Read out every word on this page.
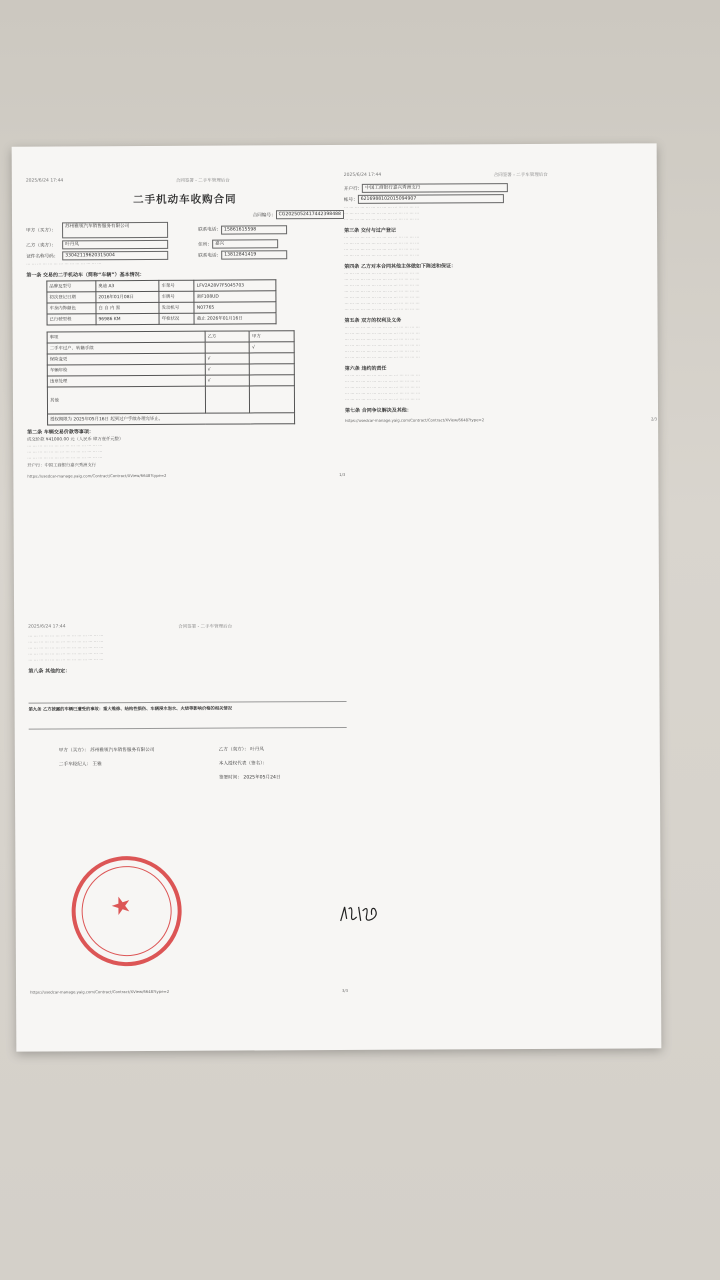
2025/6/24 17:44	合同签署 - 二手车管理后台
二手机动车收购合同
合同编号： CG2025052417442398488
甲方（买方）：
苏州雅领汽车销售服务有限公司
联系电话： 15861615598
乙方（卖方）：	叶丹凤	住所： 嘉兴
证件名称号码：	33042119620315004	联系电话： 13812841419
··· ··· ··· ··· ··· ··· ··· ··· ··· ··· ··· ··· ··· ···
第一条 交易的二手机动车（简称“车辆”）基本情况：
品牌及型号	奥迪 A3	车架号	LFV2A28V7F5045703
初次登记日期	2016年01月08日	车牌号	浙F108UD
车身内饰颜色	白 自 内 黑	发动机号	N07765
已行驶里程	96986 KM	年检状况	截止 2026年01月16日
事项	乙方	甲方
二手车过户、转籍手续		√
保险变更	√	
车辆年检	√	
违章处理	√	
其他		
授权期限为 2025年05月16日 起到过户手续办理完毕止。		
第二条 车辆交易价款等事项：
成交价款 ¥41000.00 元（人民币 肆万壹仟元整）
··· ··· ··· ··· ··· ··· ··· ··· ··· ··· ··· ··· ··· ···
··· ··· ··· ··· ··· ··· ··· ··· ··· ··· ··· ··· ··· ···
··· ··· ··· ··· ··· ··· ··· ··· ··· ··· ··· ··· ··· ···
开户行：中国工商银行嘉兴秀洲支行
https://usedcar-manage.yaig.com/Contract/Contract/XView/6648?type=2	1/3
2025/6/24 17:44	合同签署 - 二手车管理后台
开户行： 中国工商银行嘉兴秀洲支行
帐号： 6216988102015094907
··· ··· ··· ··· ··· ··· ··· ··· ··· ··· ··· ··· ··· ···
··· ··· ··· ··· ··· ··· ··· ··· ··· ··· ··· ··· ··· ···
··· ··· ··· ··· ··· ··· ··· ··· ··· ··· ··· ··· ··· ···
第三条 交付与过户登记
··· ··· ··· ··· ··· ··· ··· ··· ··· ··· ··· ··· ··· ···
··· ··· ··· ··· ··· ··· ··· ··· ··· ··· ··· ··· ··· ···
··· ··· ··· ··· ··· ··· ··· ··· ··· ··· ··· ··· ··· ···
··· ··· ··· ··· ··· ··· ··· ··· ··· ··· ··· ··· ··· ···
第四条 乙方对本合同其他主体做如下陈述和保证：
··· ··· ··· ··· ··· ··· ··· ··· ··· ··· ··· ··· ··· ···
··· ··· ··· ··· ··· ··· ··· ··· ··· ··· ··· ··· ··· ···
··· ··· ··· ··· ··· ··· ··· ··· ··· ··· ··· ··· ··· ···
··· ··· ··· ··· ··· ··· ··· ··· ··· ··· ··· ··· ··· ···
··· ··· ··· ··· ··· ··· ··· ··· ··· ··· ··· ··· ··· ···
··· ··· ··· ··· ··· ··· ··· ··· ··· ··· ··· ··· ··· ···
··· ··· ··· ··· ··· ··· ··· ··· ··· ··· ··· ··· ··· ···
第五条 双方的权利及义务
··· ··· ··· ··· ··· ··· ··· ··· ··· ··· ··· ··· ··· ···
··· ··· ··· ··· ··· ··· ··· ··· ··· ··· ··· ··· ··· ···
··· ··· ··· ··· ··· ··· ··· ··· ··· ··· ··· ··· ··· ···
··· ··· ··· ··· ··· ··· ··· ··· ··· ··· ··· ··· ··· ···
··· ··· ··· ··· ··· ··· ··· ··· ··· ··· ··· ··· ··· ···
··· ··· ··· ··· ··· ··· ··· ··· ··· ··· ··· ··· ··· ···
第六条 违约的责任
··· ··· ··· ··· ··· ··· ··· ··· ··· ··· ··· ··· ··· ···
··· ··· ··· ··· ··· ··· ··· ··· ··· ··· ··· ··· ··· ···
··· ··· ··· ··· ··· ··· ··· ··· ··· ··· ··· ··· ··· ···
··· ··· ··· ··· ··· ··· ··· ··· ··· ··· ··· ··· ··· ···
··· ··· ··· ··· ··· ··· ··· ··· ··· ··· ··· ··· ··· ···
第七条 合同争议解决及其他：
https://usedcar-manage.yaig.com/Contract/Contract/XView/6648?type=2	2/3
2025/6/24 17:44	合同签署 - 二手车管理后台
··· ··· ··· ··· ··· ··· ··· ··· ··· ··· ··· ··· ··· ···
··· ··· ··· ··· ··· ··· ··· ··· ··· ··· ··· ··· ··· ···
··· ··· ··· ··· ··· ··· ··· ··· ··· ··· ··· ··· ··· ···
··· ··· ··· ··· ··· ··· ··· ··· ··· ··· ··· ··· ··· ···
··· ··· ··· ··· ··· ··· ··· ··· ··· ··· ··· ··· ··· ···
第八条 其他约定：
第九条 乙方披露的车辆已遭受的事故：重大维修、结构性损伤、车辆浸水泡水、火烧等影响价格的相关情况
甲方（买方）： 苏州雅领汽车销售服务有限公司	乙方（卖方）： 叶丹凤
二手车经纪人： 王雅	本人授权代表（签名）：
签署时间： 2025年05月24日
https://usedcar-manage.yaig.com/Contract/Contract/XView/6648?type=2	3/3
★
